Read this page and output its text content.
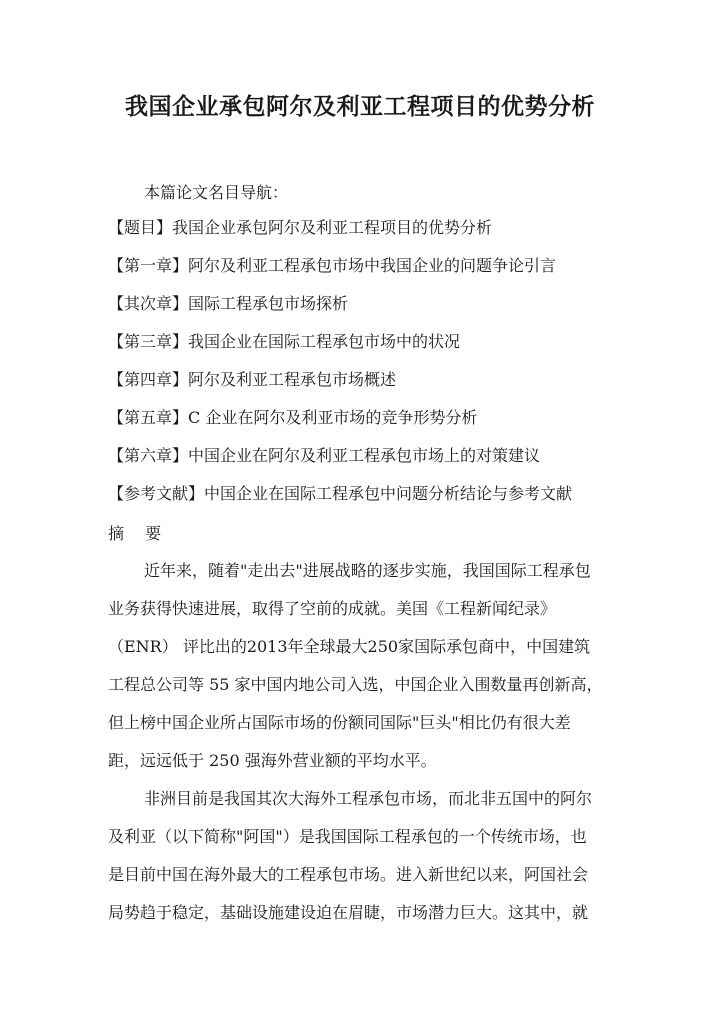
我国企业承包阿尔及利亚工程项目的优势分析
本篇论文名目导航：
【题目】我国企业承包阿尔及利亚工程项目的优势分析
【第一章】阿尔及利亚工程承包市场中我国企业的问题争论引言
【其次章】国际工程承包市场探析
【第三章】我国企业在国际工程承包市场中的状况
【第四章】阿尔及利亚工程承包市场概述
【第五章】C 企业在阿尔及利亚市场的竞争形势分析
【第六章】中国企业在阿尔及利亚工程承包市场上的对策建议
【参考文献】中国企业在国际工程承包中问题分析结论与参考文献
摘 要
近年来，随着"走出去"进展战略的逐步实施，我国国际工程承包
业务获得快速进展，取得了空前的成就。美国《工程新闻纪录》
（ENR） 评比出的2013年全球最大250家国际承包商中，中国建筑
工程总公司等 55 家中国内地公司入选，中国企业入围数量再创新高，
但上榜中国企业所占国际市场的份额同国际"巨头"相比仍有很大差
距，远远低于 250 强海外营业额的平均水平。
非洲目前是我国其次大海外工程承包市场，而北非五国中的阿尔
及利亚（以下简称"阿国"）是我国国际工程承包的一个传统市场，也
是目前中国在海外最大的工程承包市场。进入新世纪以来，阿国社会
局势趋于稳定，基础设施建设迫在眉睫，市场潜力巨大。这其中，就
